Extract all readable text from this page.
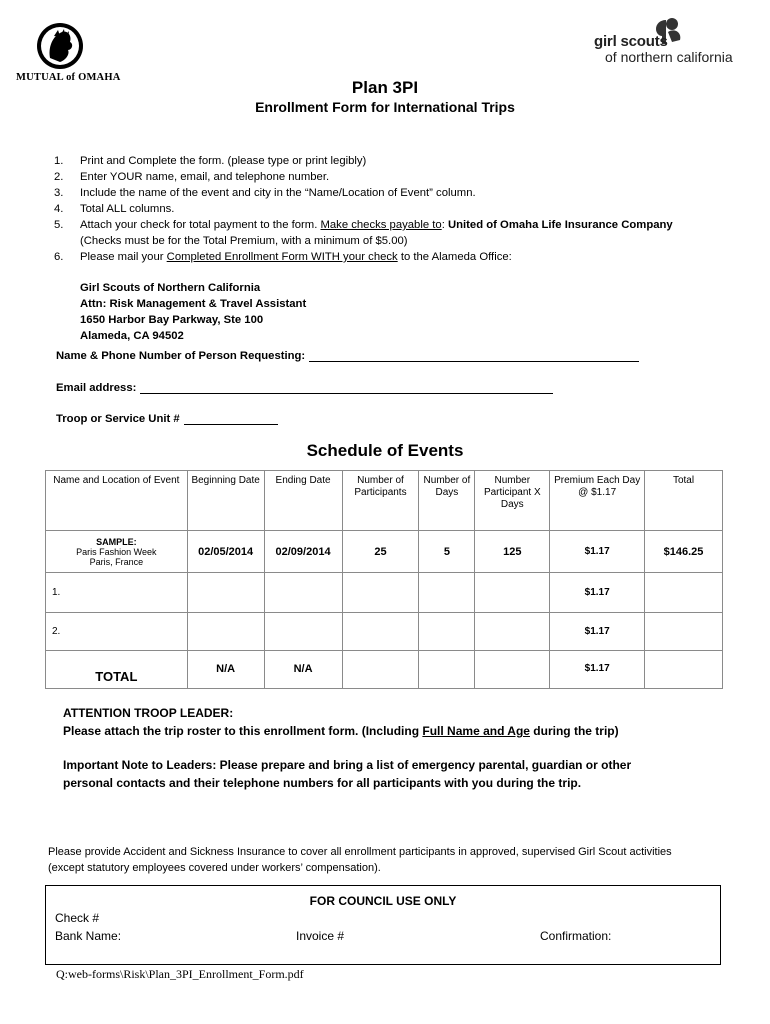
MUTUAL of OMAHA
girl scouts
of northern california
Plan 3PI
Enrollment Form for International Trips
1.	Print and Complete the form. (please type or print legibly)
2.	Enter YOUR name, email, and telephone number.
3.	Include the name of the event and city in the “Name/Location of Event” column.
4.	Total ALL columns.
5.	Attach your check for total payment to the form. Make checks payable to: United of Omaha Life Insurance Company
(Checks must be for the Total Premium, with a minimum of $5.00)
6.	Please mail your Completed Enrollment Form WITH your check to the Alameda Office:
Girl Scouts of Northern California
Attn: Risk Management & Travel Assistant
1650 Harbor Bay Parkway, Ste 100
Alameda, CA 94502
Name & Phone Number of Person Requesting:
Email address:
Troop or Service Unit #
Schedule of Events
Name and Location of Event	Beginning Date	Ending Date	Number of Participants	Number of Days	Number Participant X Days	Premium Each Day @ $1.17	Total

SAMPLE:
Paris Fashion Week
Paris, France	02/05/2014	02/09/2014	25	5	125	$1.17	$146.25
1.						$1.17	
2.						$1.17	
TOTAL	N/A	N/A				$1.17	
ATTENTION TROOP LEADER:
Please attach the trip roster to this enrollment form. (Including Full Name and Age during the trip)
Important Note to Leaders: Please prepare and bring a list of emergency parental, guardian or other
personal contacts and their telephone numbers for all participants with you during the trip.
Please provide Accident and Sickness Insurance to cover all enrollment participants in approved, supervised Girl Scout activities
(except statutory employees covered under workers’ compensation).
FOR COUNCIL USE ONLY
Check #
Bank Name:	Invoice #	Confirmation:
Q:web-forms\Risk\Plan_3PI_Enrollment_Form.pdf
